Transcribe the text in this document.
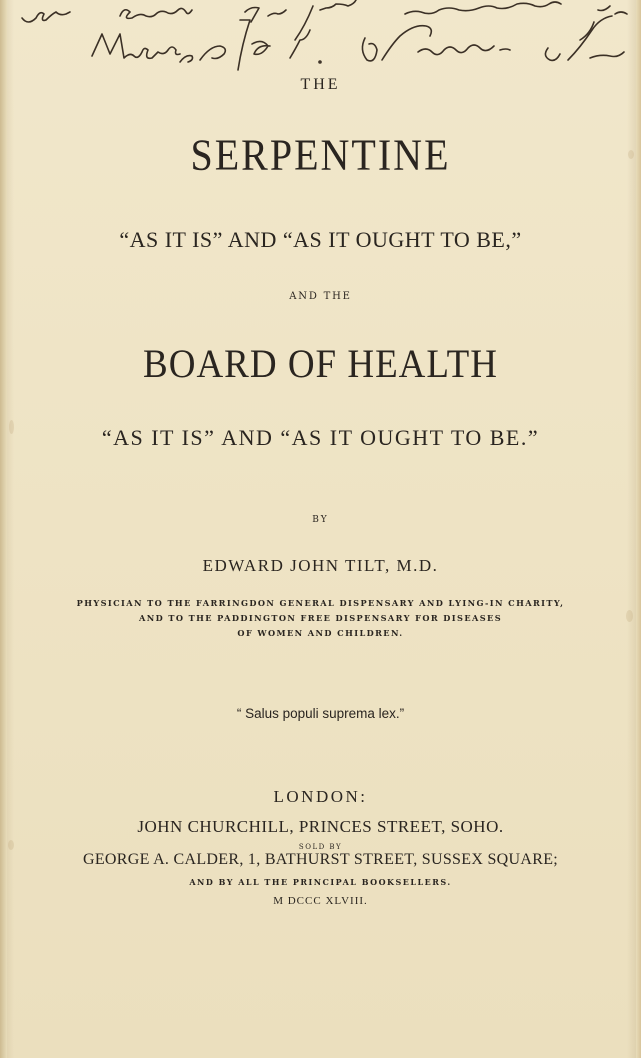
THE
SERPENTINE
“AS IT IS” AND “AS IT OUGHT TO BE,”
AND THE
BOARD OF HEALTH
“AS IT IS” AND “AS IT OUGHT TO BE.”
BY
EDWARD JOHN TILT, M.D.
PHYSICIAN TO THE FARRINGDON GENERAL DISPENSARY AND LYING-IN CHARITY,
AND TO THE PADDINGTON FREE DISPENSARY FOR DISEASES
OF WOMEN AND CHILDREN.
“ Salus populi suprema lex.”
LONDON:
JOHN CHURCHILL, PRINCES STREET, SOHO.
SOLD BY
GEORGE A. CALDER, 1, BATHURST STREET, SUSSEX SQUARE;
AND BY ALL THE PRINCIPAL BOOKSELLERS.
M DCCC XLVIII.
